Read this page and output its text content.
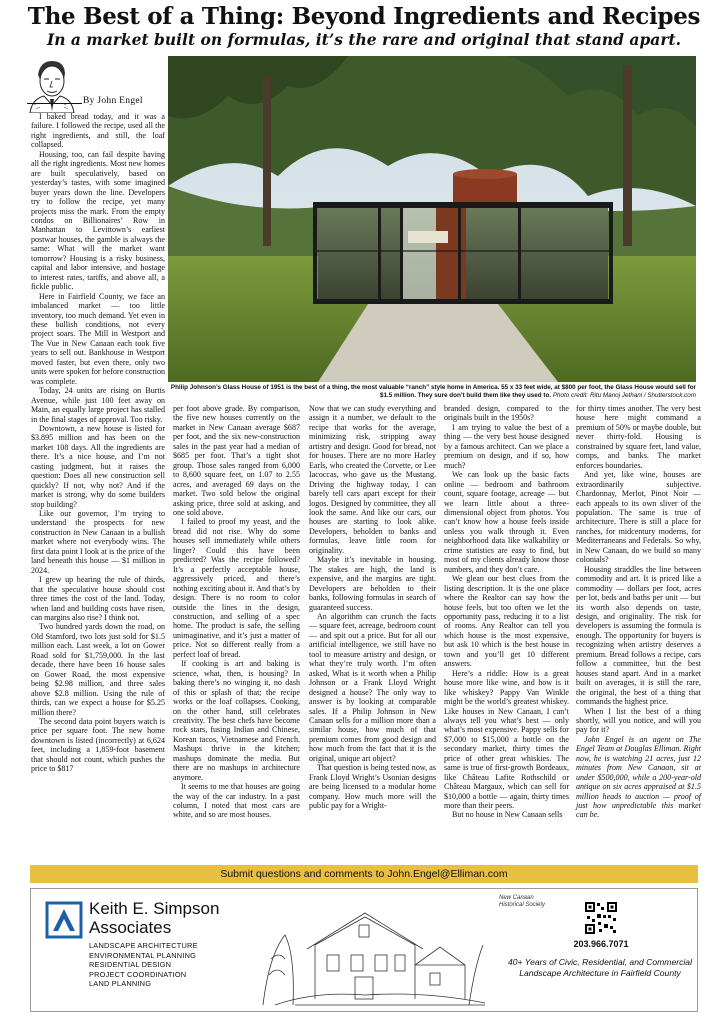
The Best of a Thing: Beyond Ingredients and Recipes
In a market built on formulas, it’s the rare and original that stand apart.
By John Engel

I baked bread today, and it was a failure. I followed the recipe, used all the right ingredients, and still, the loaf collapsed.

Housing, too, can fail despite having all the right ingredients. Most new homes are built speculatively, based on yesterday’s tastes, with some imagined buyer years down the line. Developers try to follow the recipe, yet many projects miss the mark. From the empty condos on Billionaires’ Row in Manhattan to Levittown’s earliest postwar houses, the gamble is always the same: What will the market want tomorrow? Housing is a risky business, capital and labor intensive, and hostage to interest rates, tariffs, and above all, a fickle public.

Here in Fairfield County, we face an imbalanced market — too little inventory, too much demand. Yet even in these bullish conditions, not every project soars. The Mill in Westport and The Vue in New Canaan each took five years to sell out. Bankhouse in Westport moved faster, but even there, only two units were spoken for before construction was complete.

Today, 24 units are rising on Burtis Avenue, while just 100 feet away on Main, an equally large project has stalled in the final stages of approval. Too risky.

Downtown, a new house is listed for $3.895 million and has been on the market 108 days. All the ingredients are there. It’s a nice house, and I’m not casting judgment, but it raises the question: Does all new construction sell quickly? If not, why not? And if the market is strong, why do some builders stop building?

Like our governor, I’m trying to understand the prospects for new construction in New Canaan in a bullish market where not everybody wins. The first data point I look at is the price of the land beneath this house — $1 million in 2024.

I grew up hearing the rule of thirds, that the speculative house should cost three times the cost of the land. Today, when land and building costs have risen, can margins also rise? I think not.

Two hundred yards down the road, on Old Stamford, two lots just sold for $1.5 million each. Last week, a lot on Gower Road sold for $1,759,000. In the last decade, there have been 16 house sales on Gower Road, the most expensive being $2.98 million, and three sales above $2.8 million. Using the rule of thirds, can we expect a house for $5.25 million there?

The second data point buyers watch is price per square foot. The new home downtown is listed (incorrectly) at 6,624 feet, including a 1,859-foot basement that should not count, which pushes the price to $817

Philip Johnson’s Glass House of 1951 is the best of a thing, the most valuable “ranch” style home in America. 55 x 33 feet wide, at $800 per foot, the Glass House would sell for $1.5 million. They sure don’t build them like they used to. Photo credit: Ritu Manoj Jethani / Shutterstock.com

per foot above grade. By comparison, the five new houses currently on the market in New Canaan average $687 per foot, and the six new-construction sales in the past year had a median of $685 per foot. That’s a tight shot group. Those sales ranged from 6,000 to 8,600 square feet, on 1.07 to 2.55 acres, and averaged 69 days on the market. Two sold below the original asking price, three sold at asking, and one sold above.

I failed to proof my yeast, and the bread did not rise. Why do some houses sell immediately while others linger? Could this have been predicted? Was the recipe followed? It’s a perfectly acceptable house, aggressively priced, and there’s nothing exciting about it. And that’s by design. There is no room to color outside the lines in the design, construction, and selling of a spec home. The product is safe, the selling unimaginative, and it’s just a matter of price. Not so different really from a perfect loaf of bread.

If cooking is art and baking is science, what, then, is housing? In baking there’s no winging it, no dash of this or splash of that; the recipe works or the loaf collapses. Cooking, on the other hand, still celebrates creativity. The best chefs have become rock stars, fusing Indian and Chinese, Korean tacos, Vietnamese and French. Mashups thrive in the kitchen; mashups dominate the media. But there are no mashups in architecture anymore.

It seems to me that houses are going the way of the car industry. In a past column, I noted that most cars are white, and so are most houses.

Now that we can study everything and assign it a number, we default to the recipe that works for the average, minimizing risk, stripping away artistry and design. Good for bread, not for houses. There are no more Harley Earls, who created the Corvette, or Lee Iacoccas, who gave us the Mustang. Driving the highway today, I can barely tell cars apart except for their logos. Designed by committee, they all look the same. And like our cars, our houses are starting to look alike. Developers, beholden to banks and formulas, leave little room for originality.

Maybe it’s inevitable in housing. The stakes are high, the land is expensive, and the margins are tight. Developers are beholden to their banks, following formulas in search of guaranteed success.

An algorithm can crunch the facts — square feet, acreage, bedroom count — and spit out a price. But for all our artificial intelligence, we still have no tool to measure artistry and design, or what they’re truly worth. I’m often asked, What is it worth when a Philip Johnson or a Frank Lloyd Wright designed a house? The only way to answer is by looking at comparable sales. If a Philip Johnson in New Canaan sells for a million more than a similar house, how much of that premium comes from good design and how much from the fact that it is the original, unique art object?

That question is being tested now, as Frank Lloyd Wright’s Usonian designs are being licensed to a modular home company. How much more will the public pay for a Wright-

branded design, compared to the originals built in the 1950s?

I am trying to value the best of a thing — the very best house designed by a famous architect. Can we place a premium on design, and if so, how much?

We can look up the basic facts online — bedroom and bathroom count, square footage, acreage — but we learn little about a three-dimensional object from photos. You can’t know how a house feels inside unless you walk through it. Even neighborhood data like walkability or crime statistics are easy to find, but most of my clients already know those numbers, and they don’t care.

We glean our best clues from the listing description. It is the one place where the Realtor can say how the house feels, but too often we let the opportunity pass, reducing it to a list of rooms. Any Realtor can tell you which house is the most expensive, but ask 10 which is the best house in town and you’ll get 10 different answers.

Here’s a riddle: How is a great house more like wine, and how is it like whiskey? Pappy Van Winkle might be the world’s greatest whiskey. Like houses in New Canaan, I can’t always tell you what’s best — only what’s most expensive. Pappy sells for $7,000 to $15,000 a bottle on the secondary market, thirty times the price of other great whiskies. The same is true of first-growth Bordeaux, like Château Lafite Rothschild or Château Margaux, which can sell for $10,000 a bottle — again, thirty times more than their peers.

But no house in New Canaan sells

for thirty times another. The very best house here might command a premium of 50% or maybe double, but never thirty-fold. Housing is constrained by square feet, land value, comps, and banks. The market enforces boundaries.

And yet, like wine, houses are extraordinarily subjective. Chardonnay, Merlot, Pinot Noir — each appeals to its own sliver of the population. The same is true of architecture. There is still a place for ranches, for midcentury moderns, for Mediterraneans and Federals. So why, in New Canaan, do we build so many colonials?

Housing straddles the line between commodity and art. It is priced like a commodity — dollars per foot, acres per lot, beds and baths per unit — but its worth also depends on taste, design, and originality. The risk for developers is assuming the formula is enough. The opportunity for buyers is recognizing when artistry deserves a premium. Bread follows a recipe, cars follow a committee, but the best houses stand apart. And in a market built on averages, it is still the rare, the original, the best of a thing that commands the highest price.

When I list the best of a thing shortly, will you notice, and will you pay for it?

John Engel is an agent on The Engel Team at Douglas Elliman. Right now, he is watching 21 acres, just 12 minutes from New Canaan, sit at under $500,000, while a 200-year-old antique on six acres appraised at $1.5 million heads to auction — proof of just how unpredictable this market can be.

Submit questions and comments to John.Engel@Elliman.com
Keith E. Simpson
Associates
LANDSCAPE ARCHITECTURE
ENVIRONMENTAL PLANNING
RESIDENTIAL DESIGN
PROJECT COORDINATION
LAND PLANNING
New Canaan
Historical Society
203.966.7071
40+ Years of Civic, Residential, and Commercial Landscape Architecture in Fairfield County
